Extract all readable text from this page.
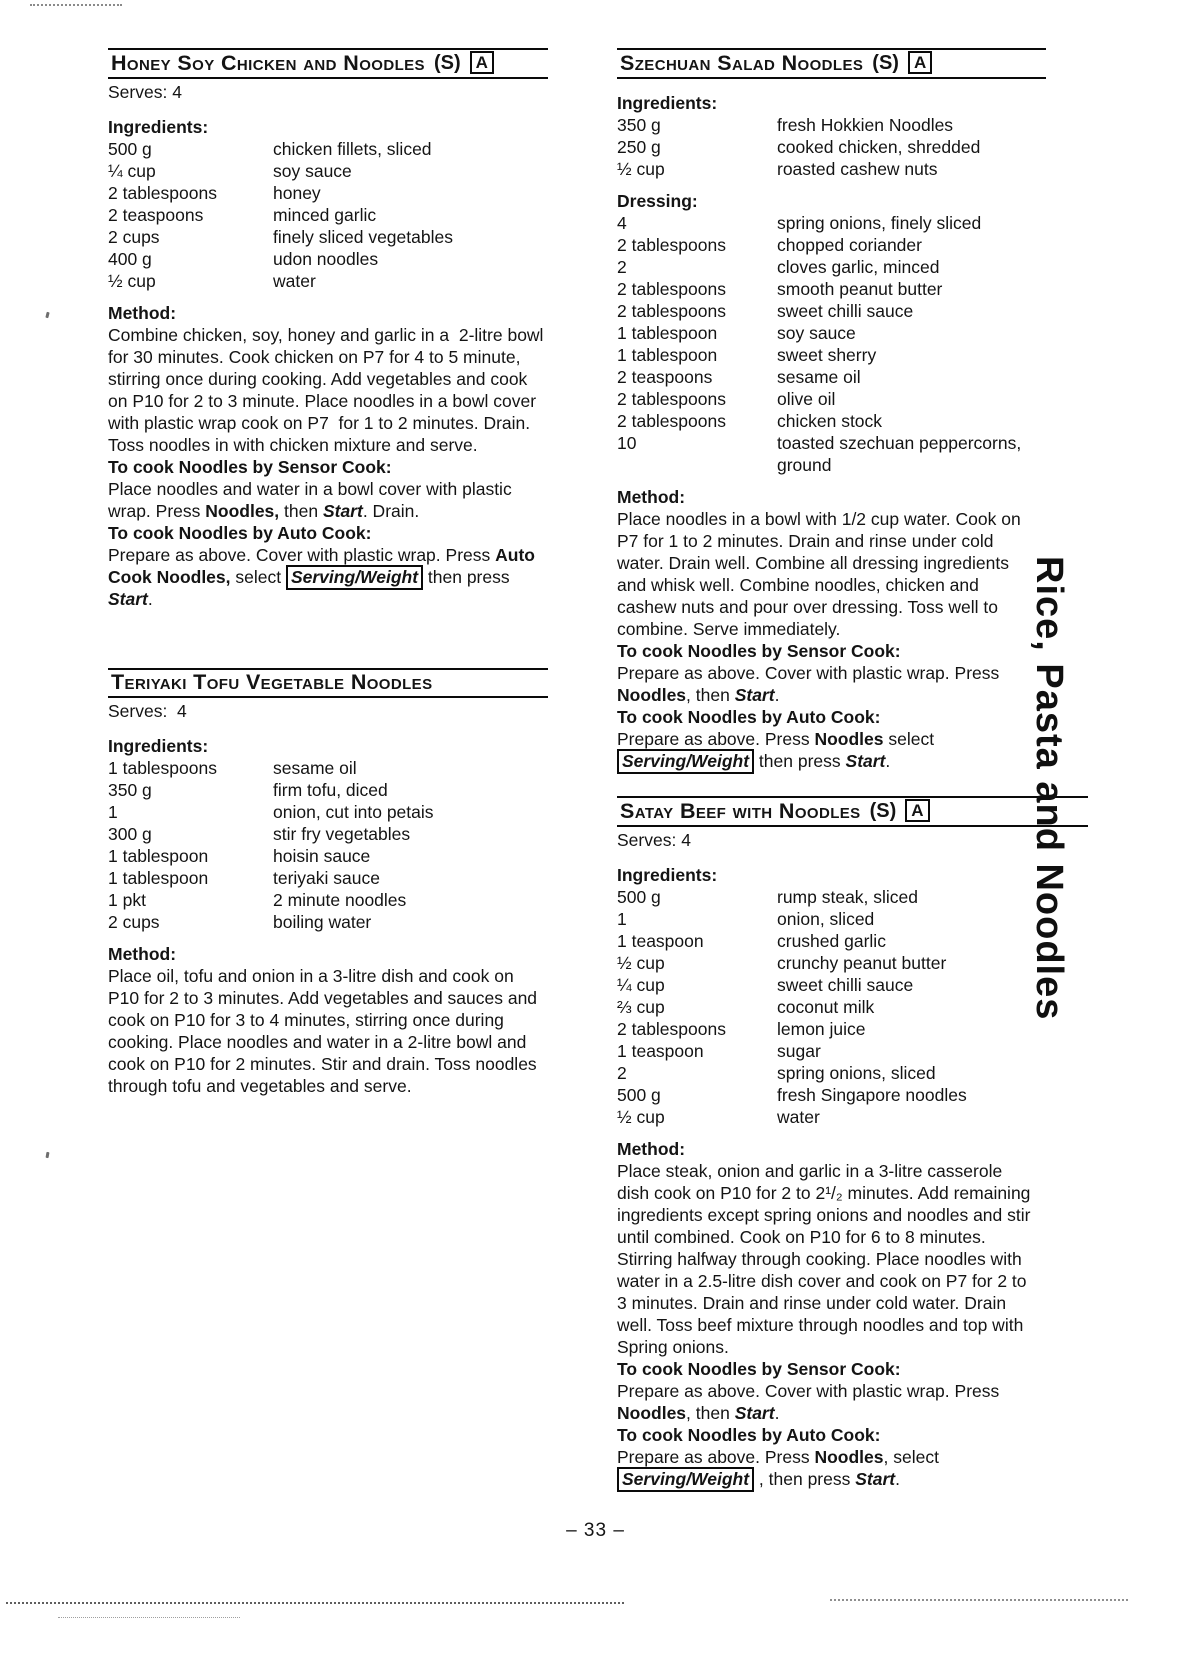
Honey Soy Chicken and Noodles (S) A
Serves: 4
Ingredients:
500 g	chicken fillets, sliced
¼ cup	soy sauce
2 tablespoons	honey
2 teaspoons	minced garlic
2 cups	finely sliced vegetables
400 g	udon noodles
½ cup	water
Method:

Combine chicken, soy, honey and garlic in a  2-litre bowl for 30 minutes. Cook chicken on P7 for 4 to 5 minute, stirring once during cooking. Add vegetables and cook on P10 for 2 to 3 minute. Place noodles in a bowl cover with plastic wrap cook on P7  for 1 to 2 minutes. Drain. Toss noodles in with chicken mixture and serve.

To cook Noodles by Sensor Cook:

Place noodles and water in a bowl cover with plastic wrap. Press Noodles, then Start. Drain.

To cook Noodles by Auto Cook:

Prepare as above. Cover with plastic wrap. Press Auto Cook Noodles, select Serving/Weight then press Start.

Teriyaki Tofu Vegetable Noodles
Serves:  4
Ingredients:
1 tablespoons	sesame oil
350 g	firm tofu, diced
1	onion, cut into petais
300 g	stir fry vegetables
1 tablespoon	hoisin sauce
1 tablespoon	teriyaki sauce
1 pkt	2 minute noodles
2 cups	boiling water
Method:

Place oil, tofu and onion in a 3-litre dish and cook on P10 for 2 to 3 minutes. Add vegetables and sauces and cook on P10 for 3 to 4 minutes, stirring once during cooking. Place noodles and water in a 2-litre bowl and cook on P10 for 2 minutes. Stir and drain. Toss noodles through tofu and vegetables and serve.

Szechuan Salad Noodles (S) A
Ingredients:
350 g	fresh Hokkien Noodles
250 g	cooked chicken, shredded
½ cup	roasted cashew nuts
Dressing:
4	spring onions, finely sliced
2 tablespoons	chopped coriander
2	cloves garlic, minced
2 tablespoons	smooth peanut butter
2 tablespoons	sweet chilli sauce
1 tablespoon	soy sauce
1 tablespoon	sweet sherry
2 teaspoons	sesame oil
2 tablespoons	olive oil
2 tablespoons	chicken stock
10	toasted szechuan peppercorns, ground
Method:

Place noodles in a bowl with 1/2 cup water. Cook on P7 for 1 to 2 minutes. Drain and rinse under cold water. Drain well. Combine all dressing ingredients and whisk well. Combine noodles, chicken and cashew nuts and pour over dressing. Toss well to combine. Serve immediately.

To cook Noodles by Sensor Cook:

Prepare as above. Cover with plastic wrap. Press Noodles, then Start.

To cook Noodles by Auto Cook:

Prepare as above. Press Noodles select Serving/Weight then press Start.

Satay Beef with Noodles (S) A
Serves: 4
Ingredients:
500 g	rump steak, sliced
1	onion, sliced
1 teaspoon	crushed garlic
½ cup	crunchy peanut butter
¼ cup	sweet chilli sauce
⅔ cup	coconut milk
2 tablespoons	lemon juice
1 teaspoon	sugar
2	spring onions, sliced
500 g	fresh Singapore noodles
½ cup	water
Method:

Place steak, onion and garlic in a 3-litre casserole dish cook on P10 for 2 to 2¹/₂ minutes. Add remaining ingredients except spring onions and noodles and stir until combined. Cook on P10 for 6 to 8 minutes. Stirring halfway through cooking. Place noodles with water in a 2.5-litre dish cover and cook on P7 for 2 to 3 minutes. Drain and rinse under cold water. Drain well. Toss beef mixture through noodles and top with Spring onions.

To cook Noodles by Sensor Cook:

Prepare as above. Cover with plastic wrap. Press Noodles, then Start.

To cook Noodles by Auto Cook:

Prepare as above. Press Noodles, select Serving/Weight , then press Start.

Rice, Pasta and Noodles
– 33 –
